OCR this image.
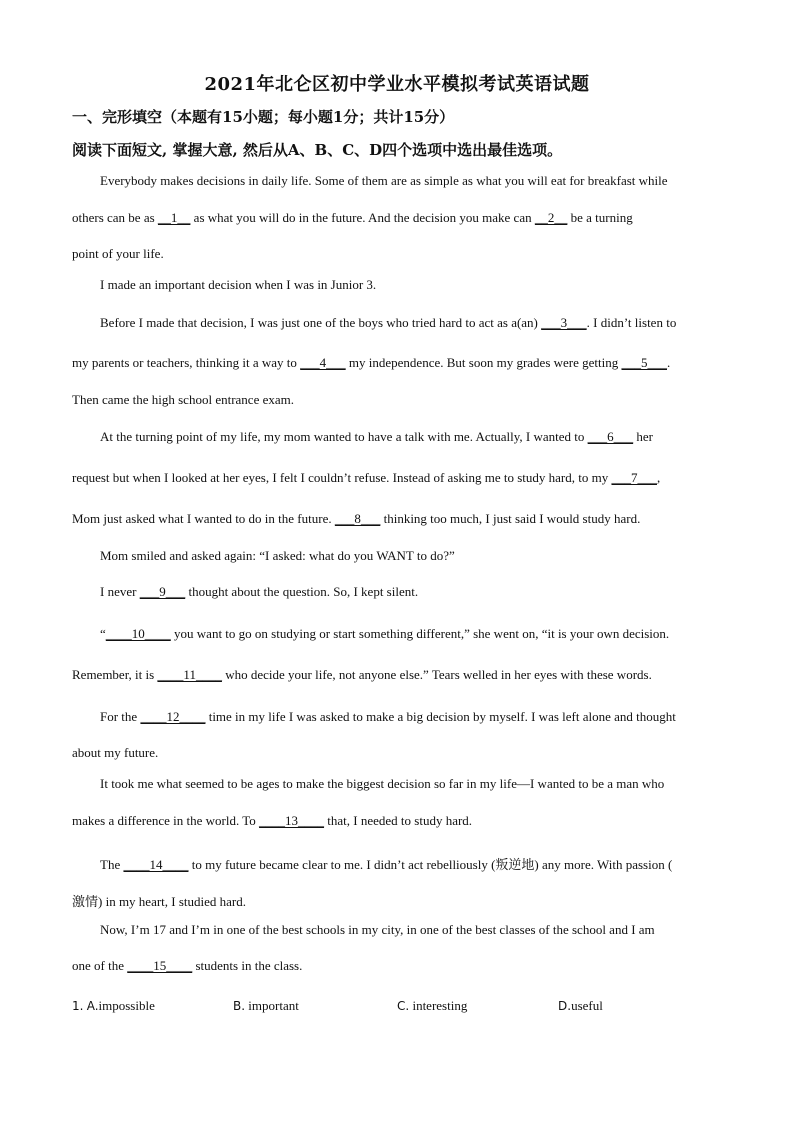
2021年北仑区初中学业水平模拟考试英语试题
一、完形填空（本题有15小题；每小题1分；共计15分）
阅读下面短文, 掌握大意, 然后从A、B、C、D四个选项中选出最佳选项。
Everybody makes decisions in daily life. Some of them are as simple as what you will eat for breakfast while
others can be as __1__ as what you will do in the future. And the decision you make can __2__ be a turning
point of your life.
I made an important decision when I was in Junior 3.
Before I made that decision, I was just one of the boys who tried hard to act as a(an) ___3___. I didn’t listen to
my parents or teachers, thinking it a way to ___4___ my independence. But soon my grades were getting ___5___.
Then came the high school entrance exam.
At the turning point of my life, my mom wanted to have a talk with me. Actually, I wanted to ___6___ her
request but when I looked at her eyes, I felt I couldn’t refuse. Instead of asking me to study hard, to my ___7___,
Mom just asked what I wanted to do in the future. ___8___ thinking too much, I just said I would study hard.
Mom smiled and asked again: “I asked: what do you WANT to do?”
I never ___9___ thought about the question. So, I kept silent.
“____10____ you want to go on studying or start something different,” she went on, “it is your own decision.
Remember, it is ____11____ who decide your life, not anyone else.” Tears welled in her eyes with these words.
For the ____12____ time in my life I was asked to make a big decision by myself. I was left alone and thought
about my future.
It took me what seemed to be ages to make the biggest decision so far in my life—I wanted to be a man who
makes a difference in the world. To ____13____ that, I needed to study hard.
The ____14____ to my future became clear to me. I didn’t act rebelliously (叛逆地) any more. With passion (
激情) in my heart, I studied hard.
Now, I’m 17 and I’m in one of the best schools in my city, in one of the best classes of the school and I am
one of the ____15____ students in the class.
1. A.impossible	B. important	C. interesting	D.useful
